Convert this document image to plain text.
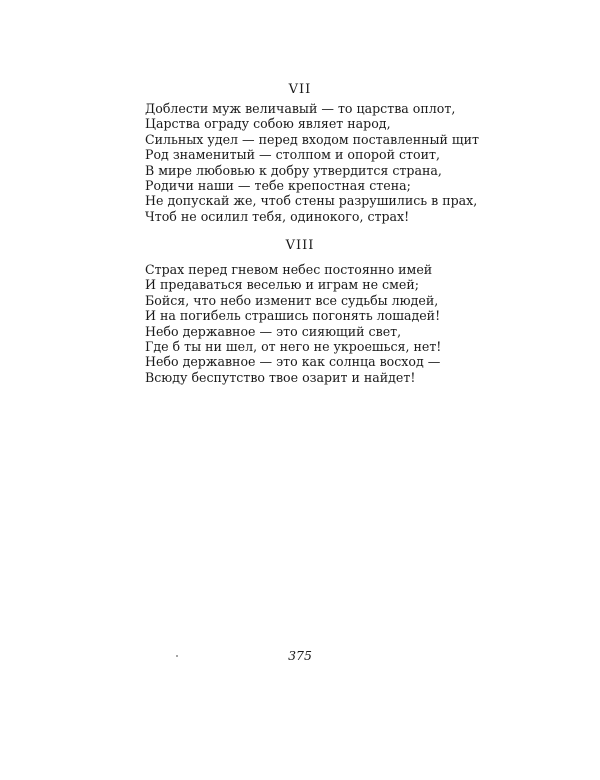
VII
Доблести муж величавый — то царства оплот,
Царства ограду собою являет народ,
Сильных удел — перед входом поставленный щит
Род знаменитый — столпом и опорой стоит,
В мире любовью к добру утвердится страна,
Родичи наши — тебе крепостная стена;
Не допускай же, чтоб стены разрушились в прах,
Чтоб не осилил тебя, одинокого, страх!
VIII
Страх перед гневом небес постоянно имей
И предаваться веселью и играм не смей;
Бойся, что небо изменит все судьбы людей,
И на погибель страшись погонять лошадей!
Небо державное — это сияющий свет,
Где б ты ни шел, от него не укроешься, нет!
Небо державное — это как солнца восход —
Всюду беспутство твое озарит и найдет!
375
